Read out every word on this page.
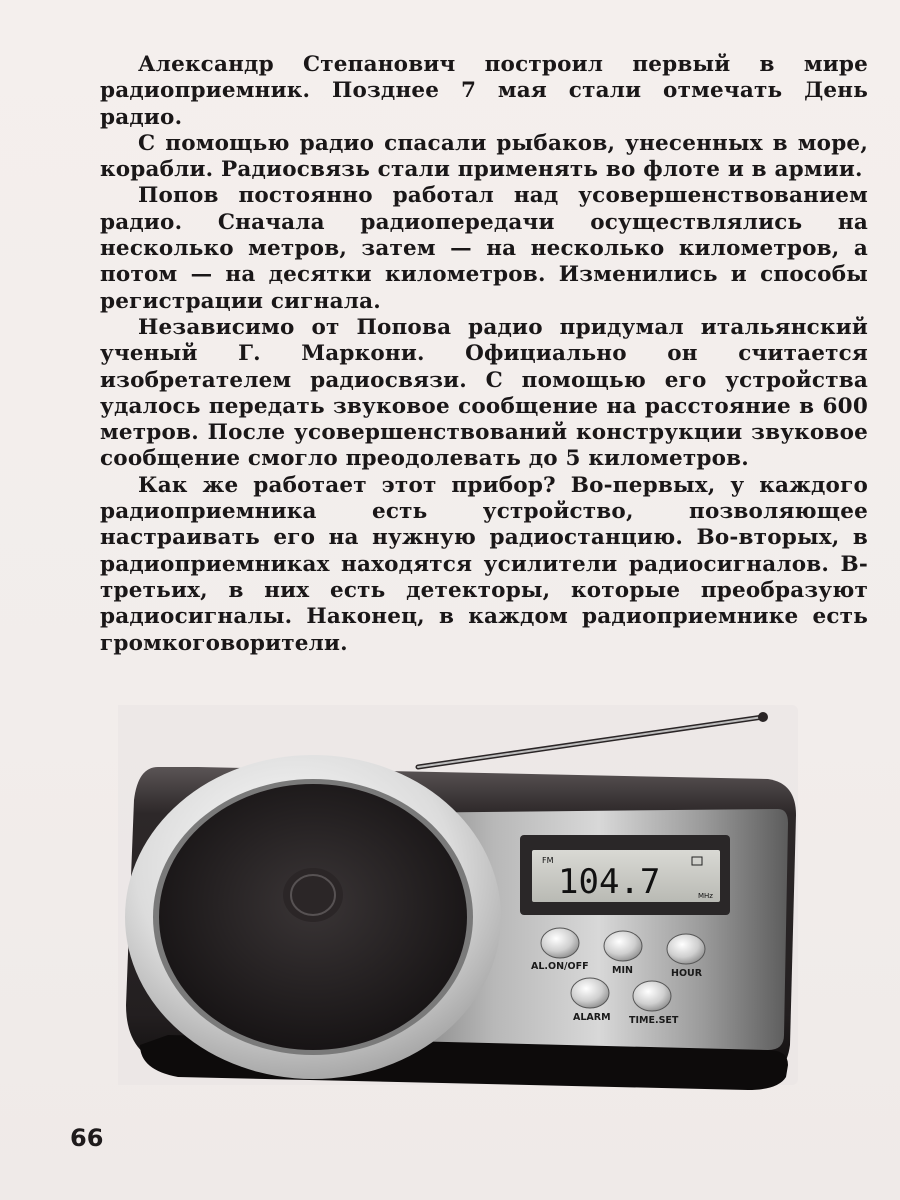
Александр Степанович построил первый в мире радиоприемник. Позднее 7 мая стали отмечать День радио.

С помощью радио спасали рыбаков, унесенных в море, корабли. Радиосвязь стали применять во флоте и в армии.

Попов постоянно работал над усовершенствованием радио. Сначала радиопередачи осуществлялись на несколько метров, затем — на несколько километров, а потом — на десятки километров. Изменились и способы регистрации сигнала.

Независимо от Попова радио придумал итальянский ученый Г. Маркони. Официально он считается изобретателем радиосвязи. С помощью его устройства удалось передать звуковое сообщение на расстояние в 600 метров. После усовершенствований конструкции звуковое сообщение смогло преодолевать до 5 километров.

Как же работает этот прибор? Во-первых, у каждого радиоприемника есть устройство, позволяющее настраивать его на нужную радиостанцию. Во-вторых, в радиоприемниках находятся усилители радиосигналов. В-третьих, в них есть детекторы, которые преобразуют радиосигналы. Наконец, в каждом радиоприемнике есть громкоговорители.

FM
MHz
104.7
AL.ON/OFF MIN	HOUR
ALARM TIME.SET
66
